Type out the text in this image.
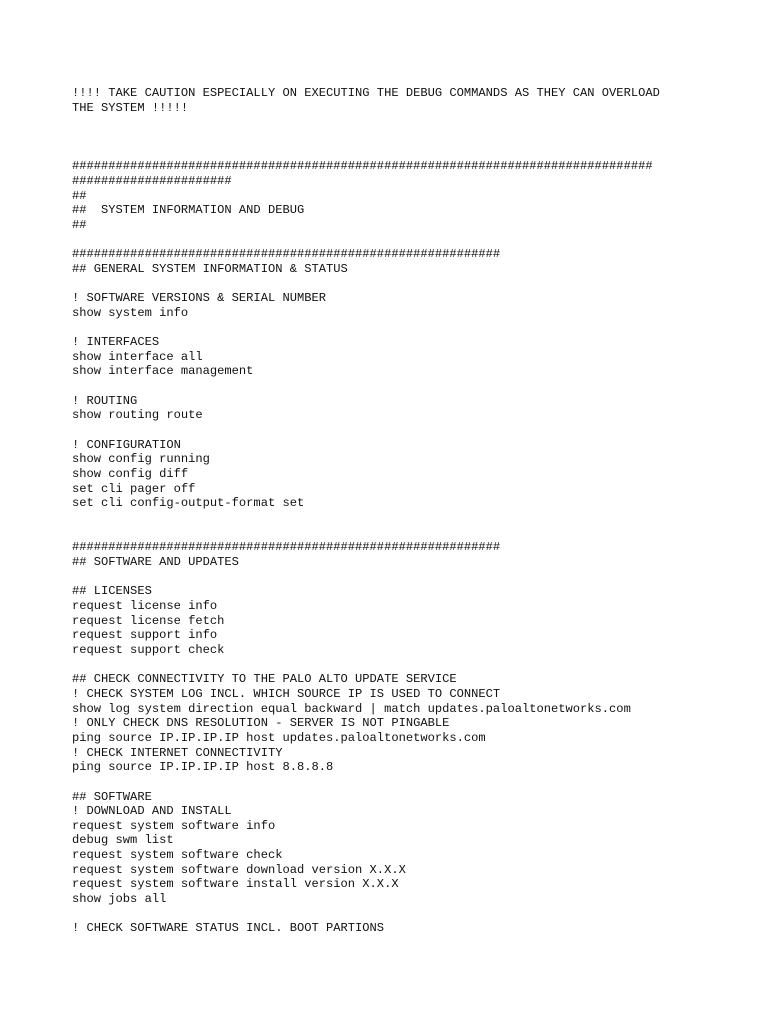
!!!! TAKE CAUTION ESPECIALLY ON EXECUTING THE DEBUG COMMANDS AS THEY CAN OVERLOAD
THE SYSTEM !!!!!

################################################################################
######################
##
##  SYSTEM INFORMATION AND DEBUG
##

###########################################################
## GENERAL SYSTEM INFORMATION & STATUS

! SOFTWARE VERSIONS & SERIAL NUMBER
show system info

! INTERFACES
show interface all
show interface management

! ROUTING
show routing route

! CONFIGURATION
show config running
show config diff
set cli pager off
set cli config-output-format set

###########################################################
## SOFTWARE AND UPDATES

## LICENSES
request license info
request license fetch
request support info
request support check

## CHECK CONNECTIVITY TO THE PALO ALTO UPDATE SERVICE
! CHECK SYSTEM LOG INCL. WHICH SOURCE IP IS USED TO CONNECT
show log system direction equal backward | match updates.paloaltonetworks.com
! ONLY CHECK DNS RESOLUTION - SERVER IS NOT PINGABLE
ping source IP.IP.IP.IP host updates.paloaltonetworks.com
! CHECK INTERNET CONNECTIVITY
ping source IP.IP.IP.IP host 8.8.8.8

## SOFTWARE
! DOWNLOAD AND INSTALL
request system software info
debug swm list
request system software check
request system software download version X.X.X
request system software install version X.X.X
show jobs all

! CHECK SOFTWARE STATUS INCL. BOOT PARTIONS
